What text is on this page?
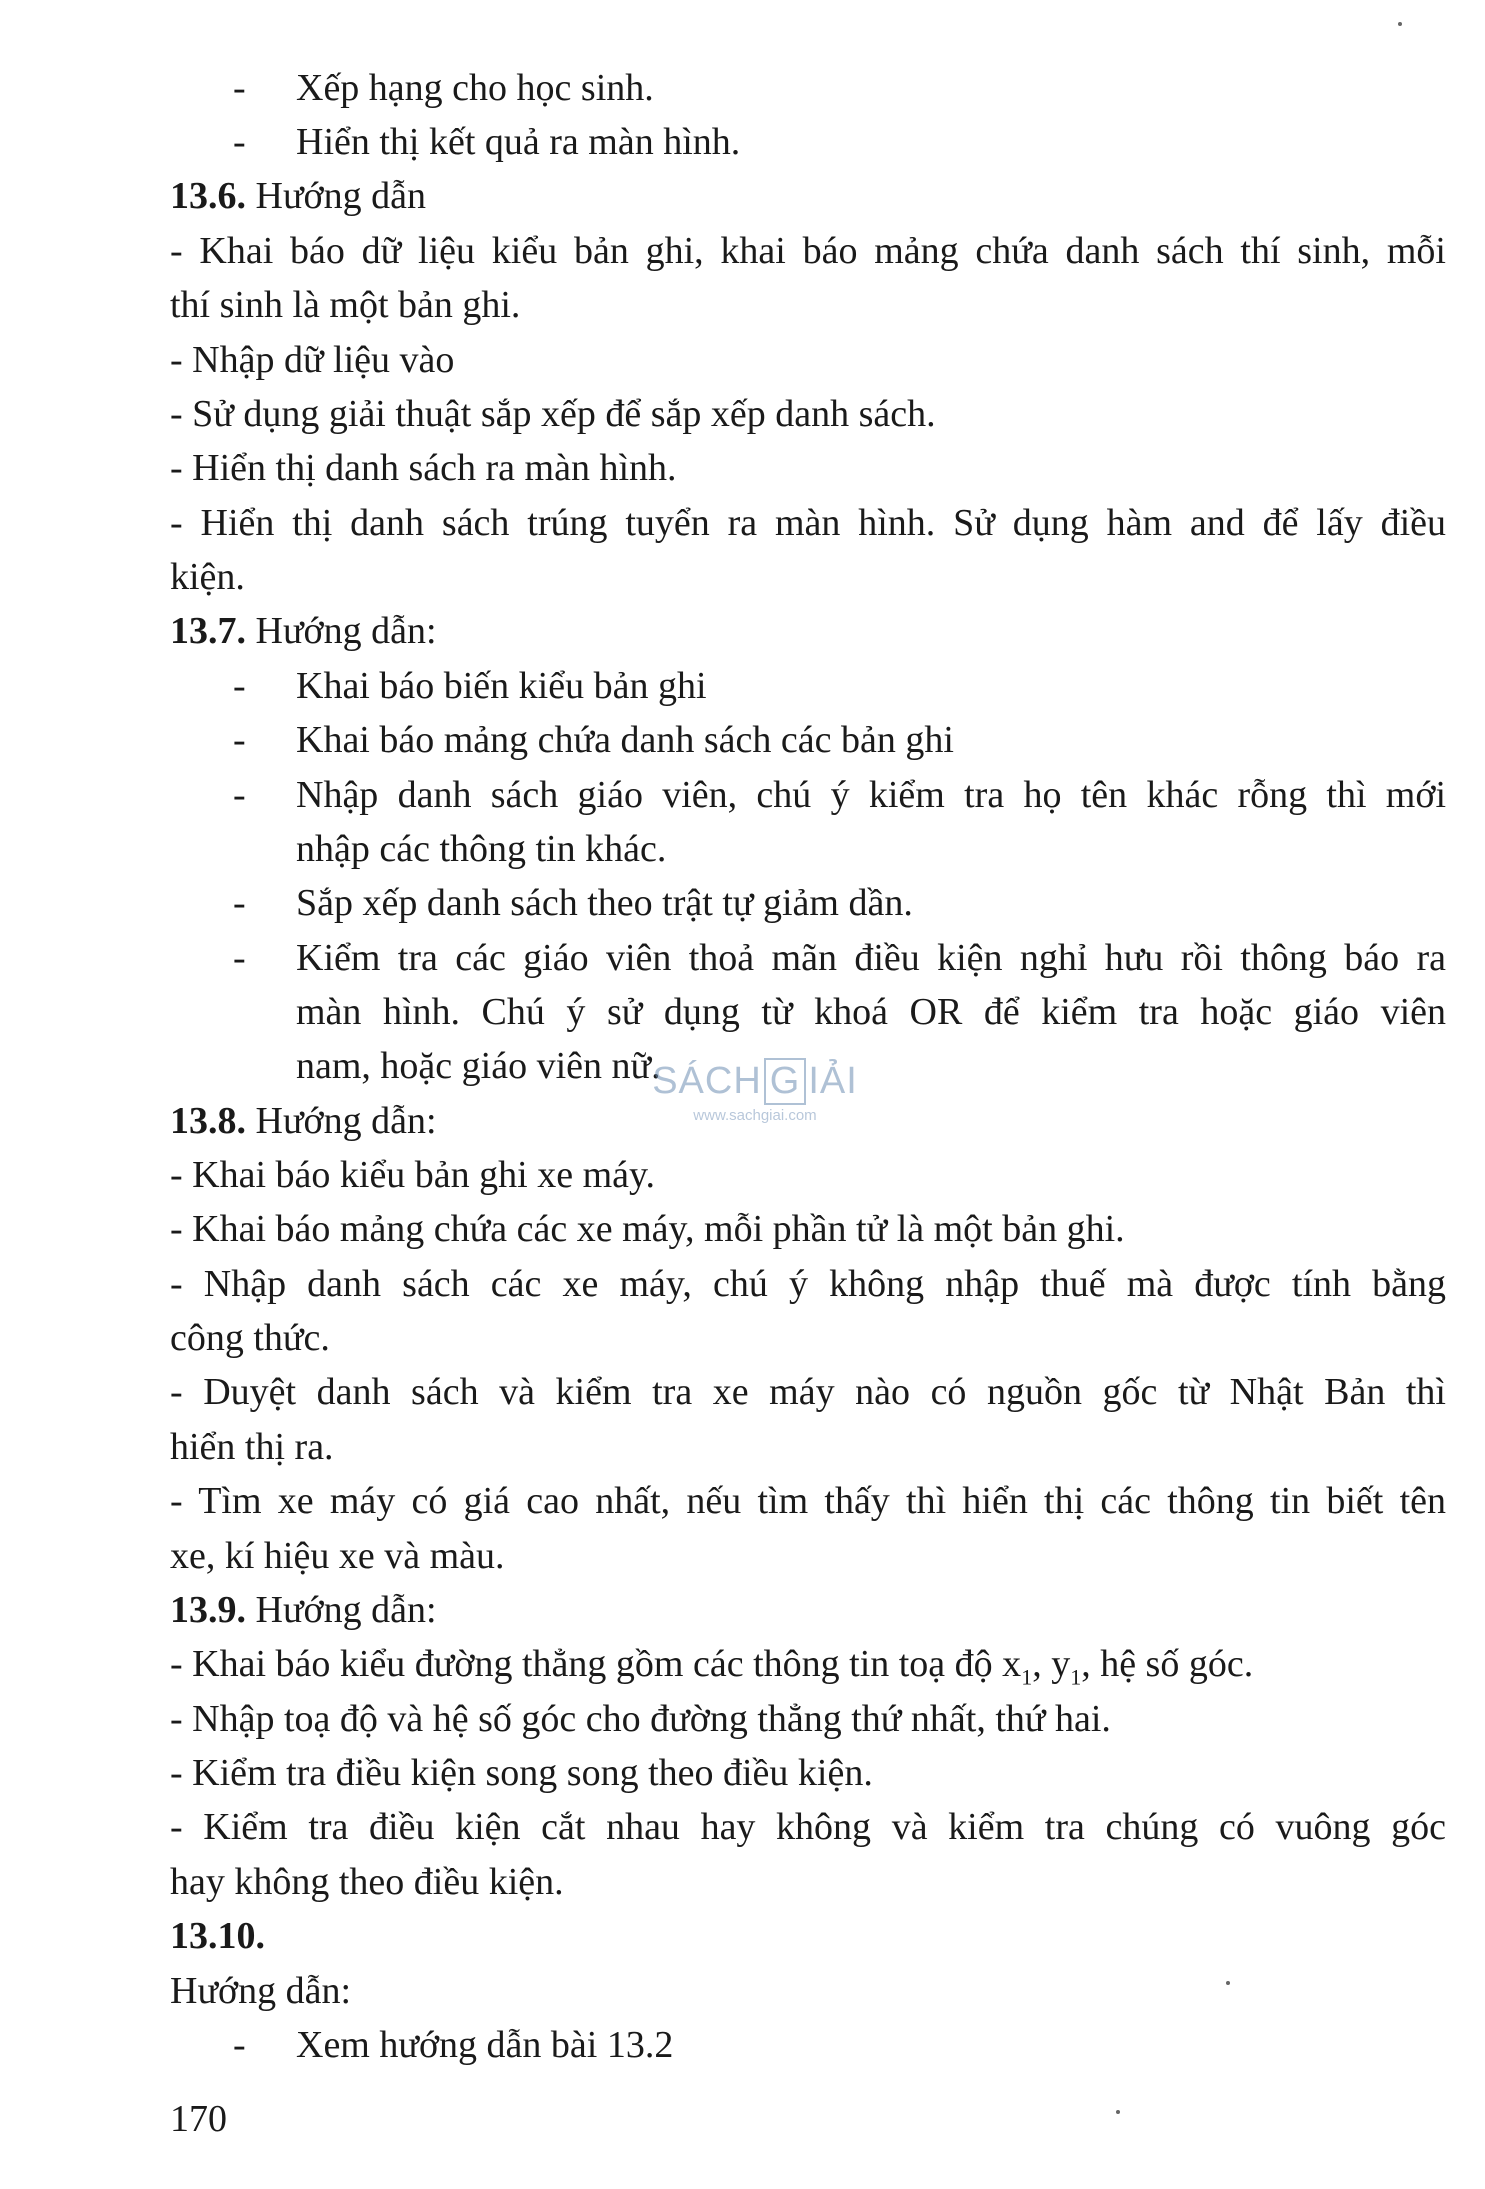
- Xếp hạng cho học sinh.
- Hiển thị kết quả ra màn hình.
13.6. Hướng dẫn
- Khai báo dữ liệu kiểu bản ghi, khai báo mảng chứa danh sách thí sinh, mỗi
thí sinh là một bản ghi.
- Nhập dữ liệu vào
- Sử dụng giải thuật sắp xếp để sắp xếp danh sách.
- Hiển thị danh sách ra màn hình.
- Hiển thị danh sách trúng tuyển ra màn hình. Sử dụng hàm and để lấy điều
kiện.
13.7. Hướng dẫn:
- Khai báo biến kiểu bản ghi
- Khai báo mảng chứa danh sách các bản ghi
- Nhập danh sách giáo viên, chú ý kiểm tra họ tên khác rỗng thì mới
nhập các thông tin khác.
- Sắp xếp danh sách theo trật tự giảm dần.
- Kiểm tra các giáo viên thoả mãn điều kiện nghỉ hưu rồi thông báo ra
màn hình. Chú ý sử dụng từ khoá OR để kiểm tra hoặc giáo viên
nam, hoặc giáo viên nữ.
SÁCH G IẢI
www.sachgiai.com
13.8. Hướng dẫn:
- Khai báo kiểu bản ghi xe máy.
- Khai báo mảng chứa các xe máy, mỗi phần tử là một bản ghi.
- Nhập danh sách các xe máy, chú ý không nhập thuế mà được tính bằng
công thức.
- Duyệt danh sách và kiểm tra xe máy nào có nguồn gốc từ Nhật Bản thì
hiển thị ra.
- Tìm xe máy có giá cao nhất, nếu tìm thấy thì hiển thị các thông tin biết tên
xe, kí hiệu xe và màu.
13.9. Hướng dẫn:
- Khai báo kiểu đường thẳng gồm các thông tin toạ độ $x_1$, $y_1$, hệ số góc.
- Nhập toạ độ và hệ số góc cho đường thẳng thứ nhất, thứ hai.
- Kiểm tra điều kiện song song theo điều kiện.
- Kiểm tra điều kiện cắt nhau hay không và kiểm tra chúng có vuông góc
hay không theo điều kiện.
13.10.
Hướng dẫn:
- Xem hướng dẫn bài 13.2
170
